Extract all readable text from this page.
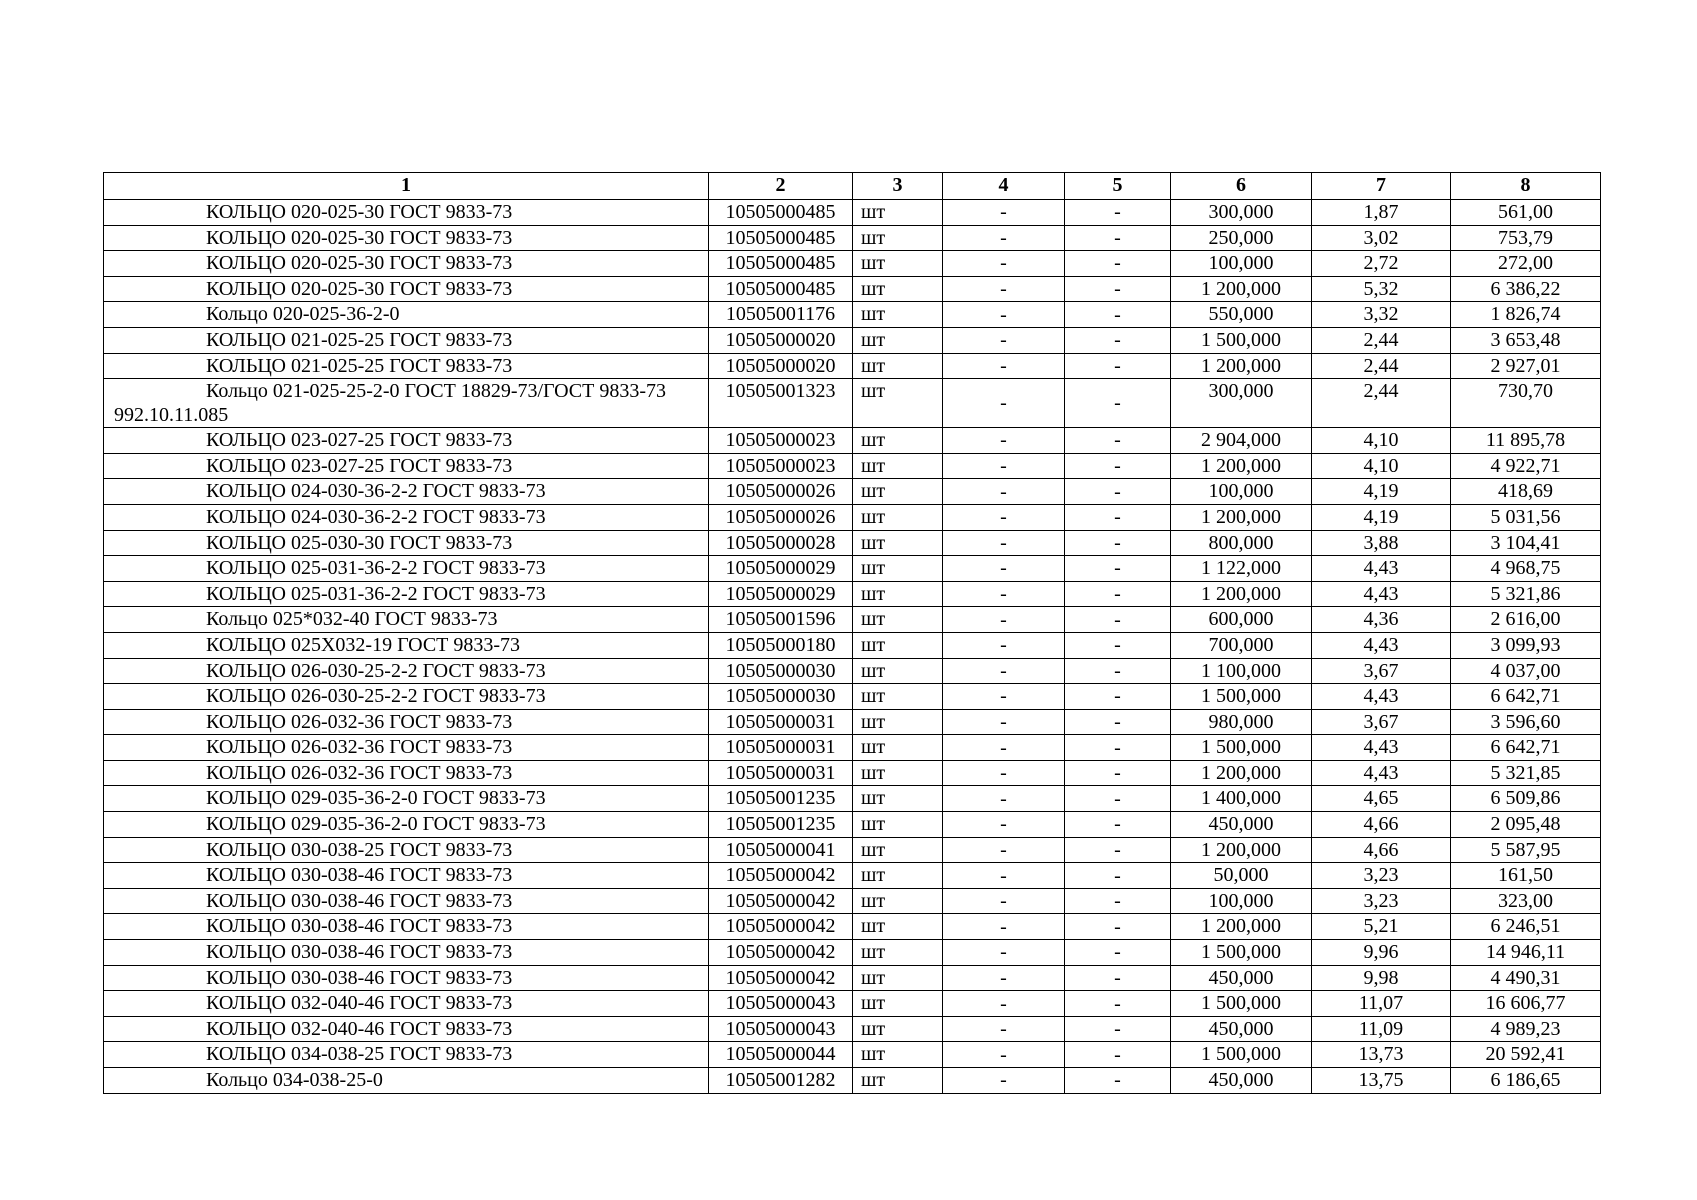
1	2	3	4	5	6	7	8
КОЛЬЦО 020-025-30 ГОСТ 9833-73	10505000485	шт	-	-	300,000	1,87	561,00
КОЛЬЦО 020-025-30 ГОСТ 9833-73	10505000485	шт	-	-	250,000	3,02	753,79
КОЛЬЦО 020-025-30 ГОСТ 9833-73	10505000485	шт	-	-	100,000	2,72	272,00
КОЛЬЦО 020-025-30 ГОСТ 9833-73	10505000485	шт	-	-	1 200,000	5,32	6 386,22
Кольцо 020-025-36-2-0	10505001176	шт	-	-	550,000	3,32	1 826,74
КОЛЬЦО 021-025-25 ГОСТ 9833-73	10505000020	шт	-	-	1 500,000	2,44	3 653,48
КОЛЬЦО 021-025-25 ГОСТ 9833-73	10505000020	шт	-	-	1 200,000	2,44	2 927,01
Кольцо 021-025-25-2-0 ГОСТ 18829-73/ГОСТ 9833-73 992.10.11.085	10505001323	шт	-	-	300,000	2,44	730,70
КОЛЬЦО 023-027-25 ГОСТ 9833-73	10505000023	шт	-	-	2 904,000	4,10	11 895,78
КОЛЬЦО 023-027-25 ГОСТ 9833-73	10505000023	шт	-	-	1 200,000	4,10	4 922,71
КОЛЬЦО 024-030-36-2-2 ГОСТ 9833-73	10505000026	шт	-	-	100,000	4,19	418,69
КОЛЬЦО 024-030-36-2-2 ГОСТ 9833-73	10505000026	шт	-	-	1 200,000	4,19	5 031,56
КОЛЬЦО 025-030-30 ГОСТ 9833-73	10505000028	шт	-	-	800,000	3,88	3 104,41
КОЛЬЦО 025-031-36-2-2 ГОСТ 9833-73	10505000029	шт	-	-	1 122,000	4,43	4 968,75
КОЛЬЦО 025-031-36-2-2 ГОСТ 9833-73	10505000029	шт	-	-	1 200,000	4,43	5 321,86
Кольцо 025*032-40 ГОСТ 9833-73	10505001596	шт	-	-	600,000	4,36	2 616,00
КОЛЬЦО 025Х032-19 ГОСТ 9833-73	10505000180	шт	-	-	700,000	4,43	3 099,93
КОЛЬЦО 026-030-25-2-2 ГОСТ 9833-73	10505000030	шт	-	-	1 100,000	3,67	4 037,00
КОЛЬЦО 026-030-25-2-2 ГОСТ 9833-73	10505000030	шт	-	-	1 500,000	4,43	6 642,71
КОЛЬЦО 026-032-36 ГОСТ 9833-73	10505000031	шт	-	-	980,000	3,67	3 596,60
КОЛЬЦО 026-032-36 ГОСТ 9833-73	10505000031	шт	-	-	1 500,000	4,43	6 642,71
КОЛЬЦО 026-032-36 ГОСТ 9833-73	10505000031	шт	-	-	1 200,000	4,43	5 321,85
КОЛЬЦО 029-035-36-2-0 ГОСТ 9833-73	10505001235	шт	-	-	1 400,000	4,65	6 509,86
КОЛЬЦО 029-035-36-2-0 ГОСТ 9833-73	10505001235	шт	-	-	450,000	4,66	2 095,48
КОЛЬЦО 030-038-25 ГОСТ 9833-73	10505000041	шт	-	-	1 200,000	4,66	5 587,95
КОЛЬЦО 030-038-46 ГОСТ 9833-73	10505000042	шт	-	-	50,000	3,23	161,50
КОЛЬЦО 030-038-46 ГОСТ 9833-73	10505000042	шт	-	-	100,000	3,23	323,00
КОЛЬЦО 030-038-46 ГОСТ 9833-73	10505000042	шт	-	-	1 200,000	5,21	6 246,51
КОЛЬЦО 030-038-46 ГОСТ 9833-73	10505000042	шт	-	-	1 500,000	9,96	14 946,11
КОЛЬЦО 030-038-46 ГОСТ 9833-73	10505000042	шт	-	-	450,000	9,98	4 490,31
КОЛЬЦО 032-040-46 ГОСТ 9833-73	10505000043	шт	-	-	1 500,000	11,07	16 606,77
КОЛЬЦО 032-040-46 ГОСТ 9833-73	10505000043	шт	-	-	450,000	11,09	4 989,23
КОЛЬЦО 034-038-25 ГОСТ 9833-73	10505000044	шт	-	-	1 500,000	13,73	20 592,41
Кольцо 034-038-25-0	10505001282	шт	-	-	450,000	13,75	6 186,65
